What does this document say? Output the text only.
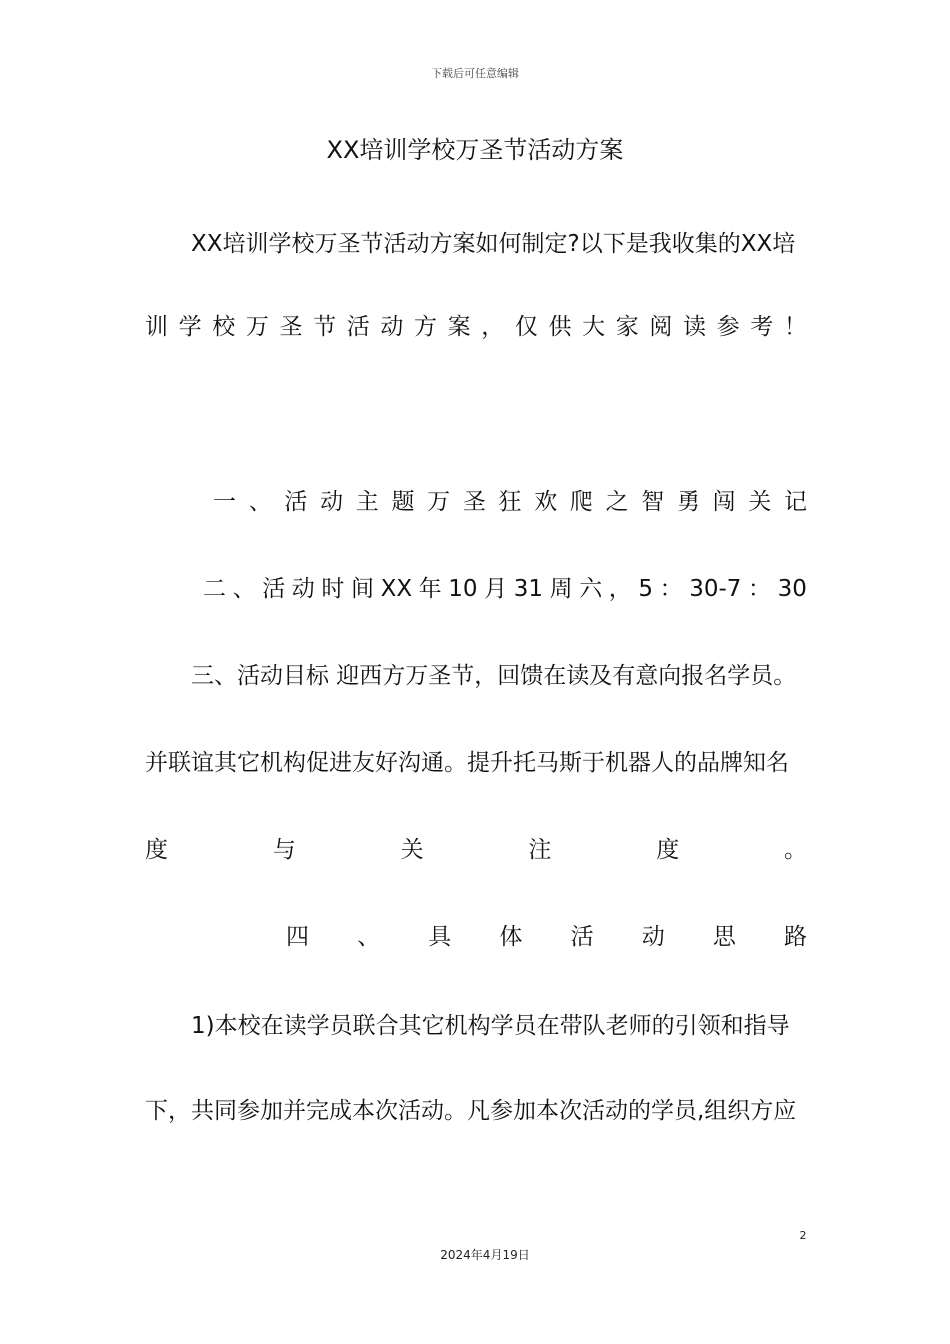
下载后可任意编辑
XX培训学校万圣节活动方案
XX培训学校万圣节活动方案如何制定?以下是我收集的XX培
训 学 校 万 圣 节 活 动 方 案 ， 仅 供 大 家 阅 读 参 考 ！
一 、 活 动 主 题 万 圣 狂 欢 爬 之 智 勇 闯 关 记
二 、 活 动 时 间 XX 年 10 月 31 周 六 ， 5 ： 30-7 ： 30
三、活动目标 迎西方万圣节，回馈在读及有意向报名学员。
并联谊其它机构促进友好沟通。提升托马斯于机器人的品牌知名
度	与	关	注	度	。
四 、 具 体 活 动 思 路
1)本校在读学员联合其它机构学员在带队老师的引领和指导
下，共同参加并完成本次活动。凡参加本次活动的学员,组织方应
2
2024年4月19日
